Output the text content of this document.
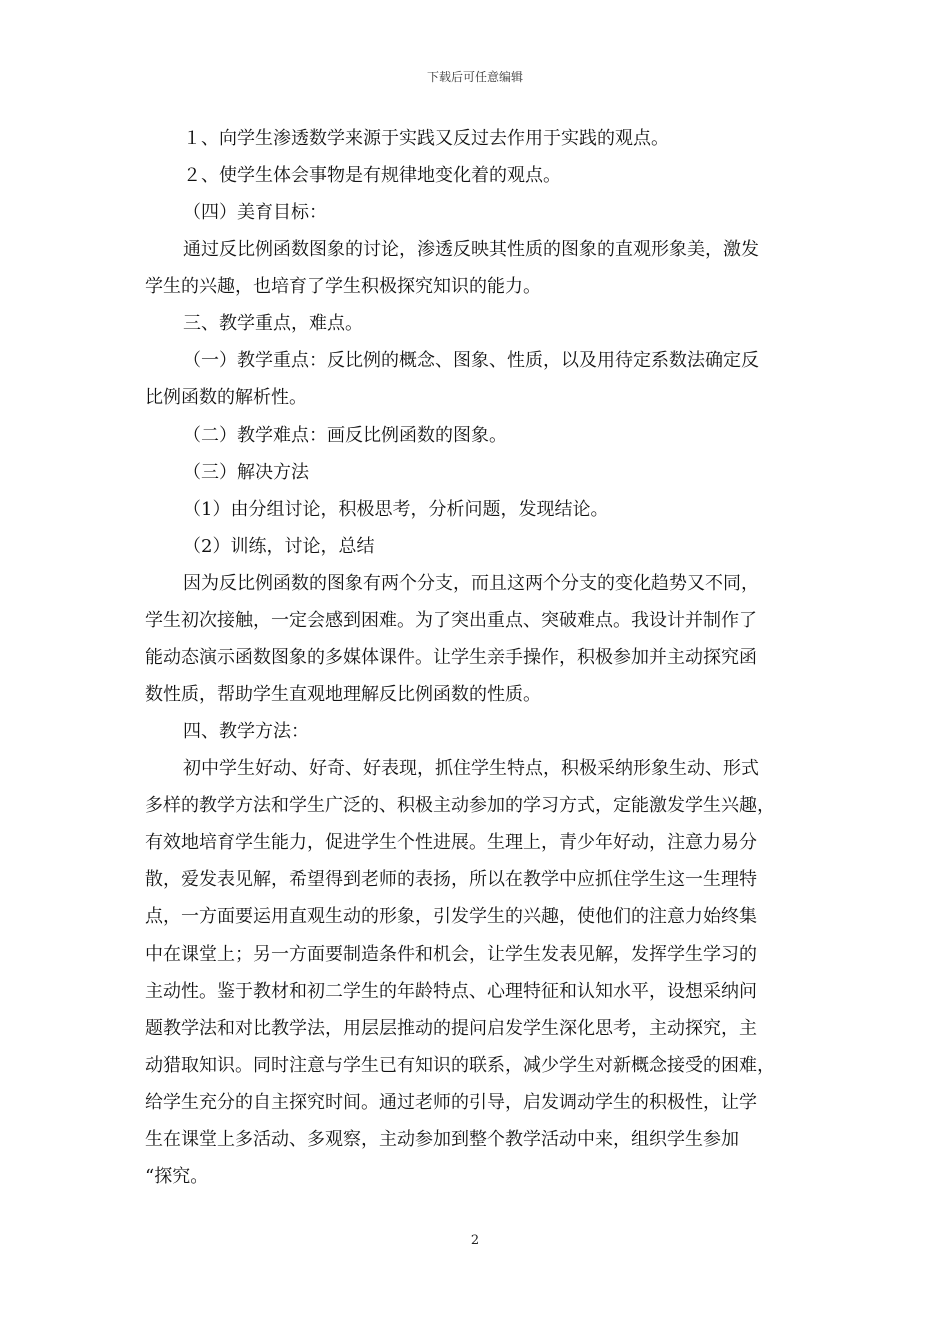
下载后可任意编辑
１、向学生渗透数学来源于实践又反过去作用于实践的观点。
２、使学生体会事物是有规律地变化着的观点。
（四）美育目标：
通过反比例函数图象的讨论，渗透反映其性质的图象的直观形象美，激发
学生的兴趣，也培育了学生积极探究知识的能力。
三、教学重点，难点。
（一）教学重点：反比例的概念、图象、性质，以及用待定系数法确定反
比例函数的解析性。
（二）教学难点：画反比例函数的图象。
（三）解决方法
（1）由分组讨论，积极思考，分析问题，发现结论。
（2）训练，讨论，总结
因为反比例函数的图象有两个分支，而且这两个分支的变化趋势又不同，
学生初次接触，一定会感到困难。为了突出重点、突破难点。我设计并制作了
能动态演示函数图象的多媒体课件。让学生亲手操作，积极参加并主动探究函
数性质，帮助学生直观地理解反比例函数的性质。
四、教学方法：
初中学生好动、好奇、好表现，抓住学生特点，积极采纳形象生动、形式
多样的教学方法和学生广泛的、积极主动参加的学习方式，定能激发学生兴趣，
有效地培育学生能力，促进学生个性进展。生理上，青少年好动，注意力易分
散，爱发表见解，希望得到老师的表扬，所以在教学中应抓住学生这一生理特
点，一方面要运用直观生动的形象，引发学生的兴趣，使他们的注意力始终集
中在课堂上；另一方面要制造条件和机会，让学生发表见解，发挥学生学习的
主动性。鉴于教材和初二学生的年龄特点、心理特征和认知水平，设想采纳问
题教学法和对比教学法，用层层推动的提问启发学生深化思考，主动探究，主
动猎取知识。同时注意与学生已有知识的联系，减少学生对新概念接受的困难，
给学生充分的自主探究时间。通过老师的引导，启发调动学生的积极性，让学
生在课堂上多活动、多观察，主动参加到整个教学活动中来，组织学生参加
“探究。
2
